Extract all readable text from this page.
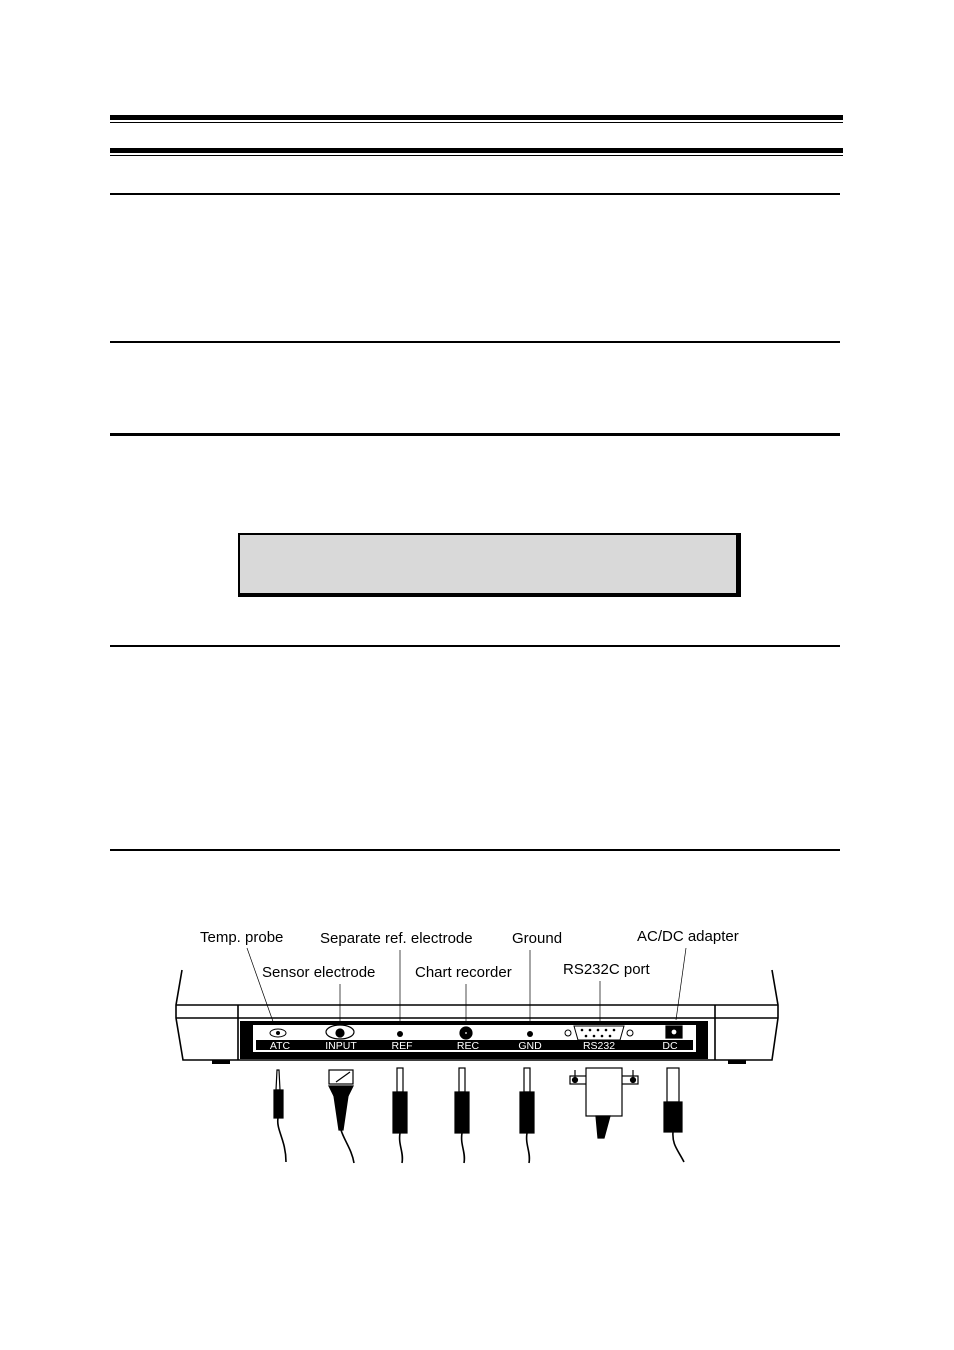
Temp. probe Separate ref. electrode	Ground	AC/DC adapter
Sensor electrode	Chart recorder	RS232C port
ATC	INPUT	REF	REC	GND	RS232	DC
